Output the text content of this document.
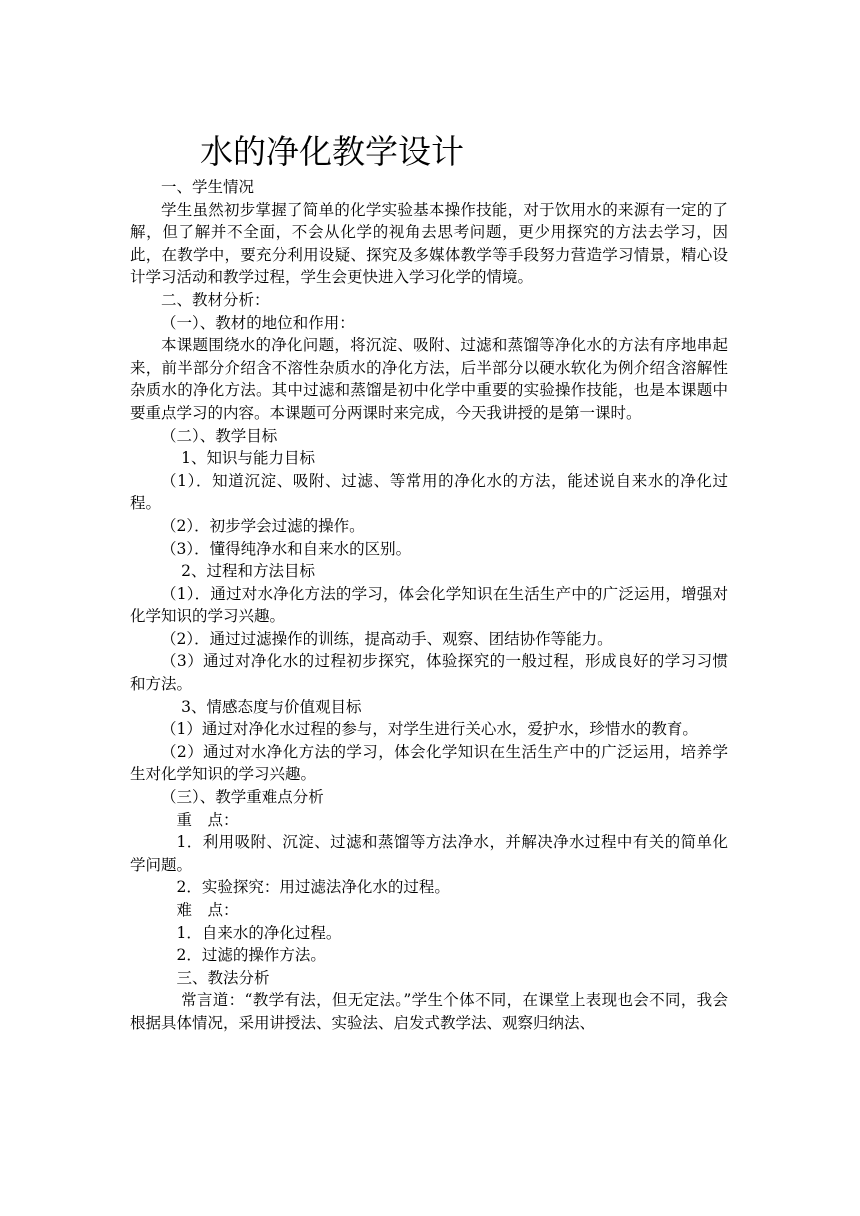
水的净化教学设计

一、学生情况

学生虽然初步掌握了简单的化学实验基本操作技能，对于饮用水的来源有一定的了解，但了解并不全面，不会从化学的视角去思考问题，更少用探究的方法去学习，因此，在教学中，要充分利用设疑、探究及多媒体教学等手段努力营造学习情景，精心设计学习活动和教学过程，学生会更快进入学习化学的情境。

二、教材分析：

（一）、教材的地位和作用：

本课题围绕水的净化问题，将沉淀、吸附、过滤和蒸馏等净化水的方法有序地串起来，前半部分介绍含不溶性杂质水的净化方法，后半部分以硬水软化为例介绍含溶解性杂质水的净化方法。其中过滤和蒸馏是初中化学中重要的实验操作技能，也是本课题中要重点学习的内容。本课题可分两课时来完成，今天我讲授的是第一课时。

（二）、教学目标

1、知识与能力目标

（1）．知道沉淀、吸附、过滤、等常用的净化水的方法，能述说自来水的净化过程。

（2）．初步学会过滤的操作。

（3）．懂得纯净水和自来水的区别。

2、过程和方法目标

（1）．通过对水净化方法的学习，体会化学知识在生活生产中的广泛运用，增强对化学知识的学习兴趣。

（2）．通过过滤操作的训练，提高动手、观察、团结协作等能力。

（3）通过对净化水的过程初步探究，体验探究的一般过程，形成良好的学习习惯和方法。

3、情感态度与价值观目标

（1）通过对净化水过程的参与，对学生进行关心水，爱护水，珍惜水的教育。

（2）通过对水净化方法的学习，体会化学知识在生活生产中的广泛运用，培养学生对化学知识的学习兴趣。

（三）、教学重难点分析

重　点：

1．利用吸附、沉淀、过滤和蒸馏等方法净水，并解决净水过程中有关的简单化学问题。

2．实验探究：用过滤法净化水的过程。

难　点：

1．自来水的净化过程。

2．过滤的操作方法。

三、教法分析

常言道：“教学有法，但无定法。”学生个体不同，在课堂上表现也会不同，我会根据具体情况，采用讲授法、实验法、启发式教学法、观察归纳法、
